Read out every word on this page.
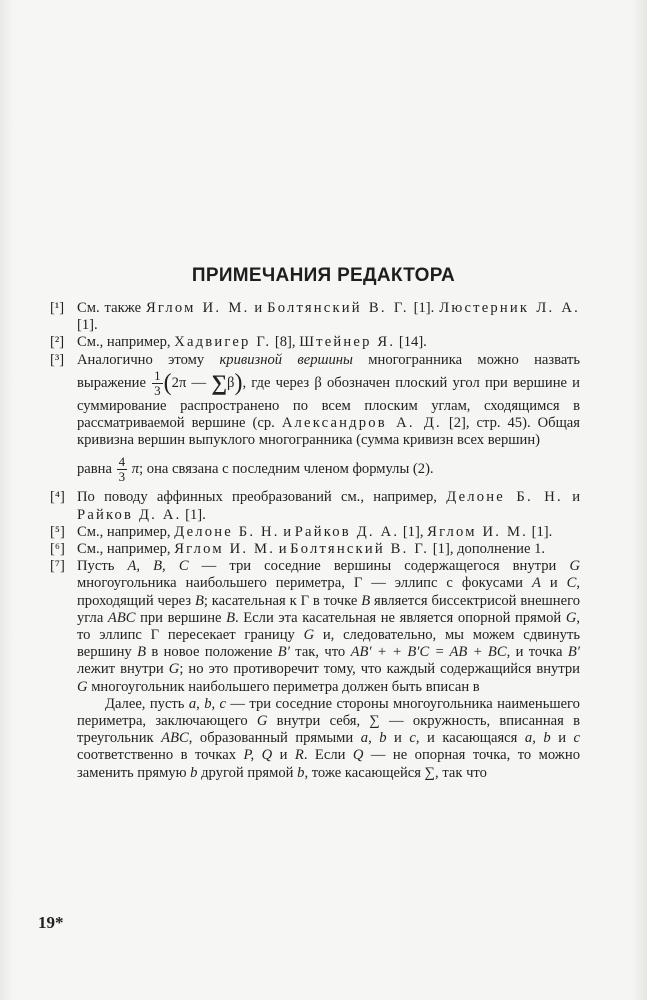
ПРИМЕЧАНИЯ РЕДАКТОРА

[¹] См. также Яглом И. М. и Болтянский В. Г. [1]. Люстерник Л. А. [1].

[²] См., например, Хадвигер Г. [8], Штейнер Я. [14].

[³] Аналогично этому кривизной вершины многогранника можно назвать выражение $\frac{1}{3} (2\pi$ — ∑β), где через β обозначен плоский угол при вершине и суммирование распространено по всем плоским углам, сходящимся в рассматриваемой вершине (ср. Александров А. Д. [2], стр. 45). Общая кривизна вершин выпуклого многогранника (сумма кривизн всех вершин)
равна $\frac{4}{3} \pi$; она связана с последним членом формулы (2).

[⁴] По поводу аффинных преобразований см., например, Делоне Б. Н. и Райков Д. А. [1].

[⁵] См., например, Делоне Б. Н. и Райков Д. А. [1], Яглом И. М. [1].

[⁶] См., например, Яглом И. М. и Болтянский В. Г. [1], дополнение 1.

[⁷] Пусть A, B, C — три соседние вершины содержащегося внутри G многоугольника наибольшего периметра, Γ — эллипс с фокусами A и C, проходящий через B; касательная к Γ в точке B является биссектрисой внешнего угла ABC при вершине B. Если эта касательная не является опорной прямой G, то эллипс Γ пересекает границу G и, следовательно, мы можем сдвинуть вершину B в новое положение B′ так, что AB′ + + B′C = AB + BC, и точка B′ лежит внутри G; но это противоречит тому, что каждый содержащийся внутри G многоугольник наибольшего периметра должен быть вписан в

Далее, пусть a, b, c — три соседние стороны многоугольника наименьшего периметра, заключающего G внутри себя, ∑ — окружность, вписанная в треугольник ABC, образованный прямыми a, b и c, и касающаяся a, b и c соответственно в точках P, Q и R. Если Q — не опорная точка, то можно заменить прямую b другой прямой b, тоже касающейся ∑, так что

19*
